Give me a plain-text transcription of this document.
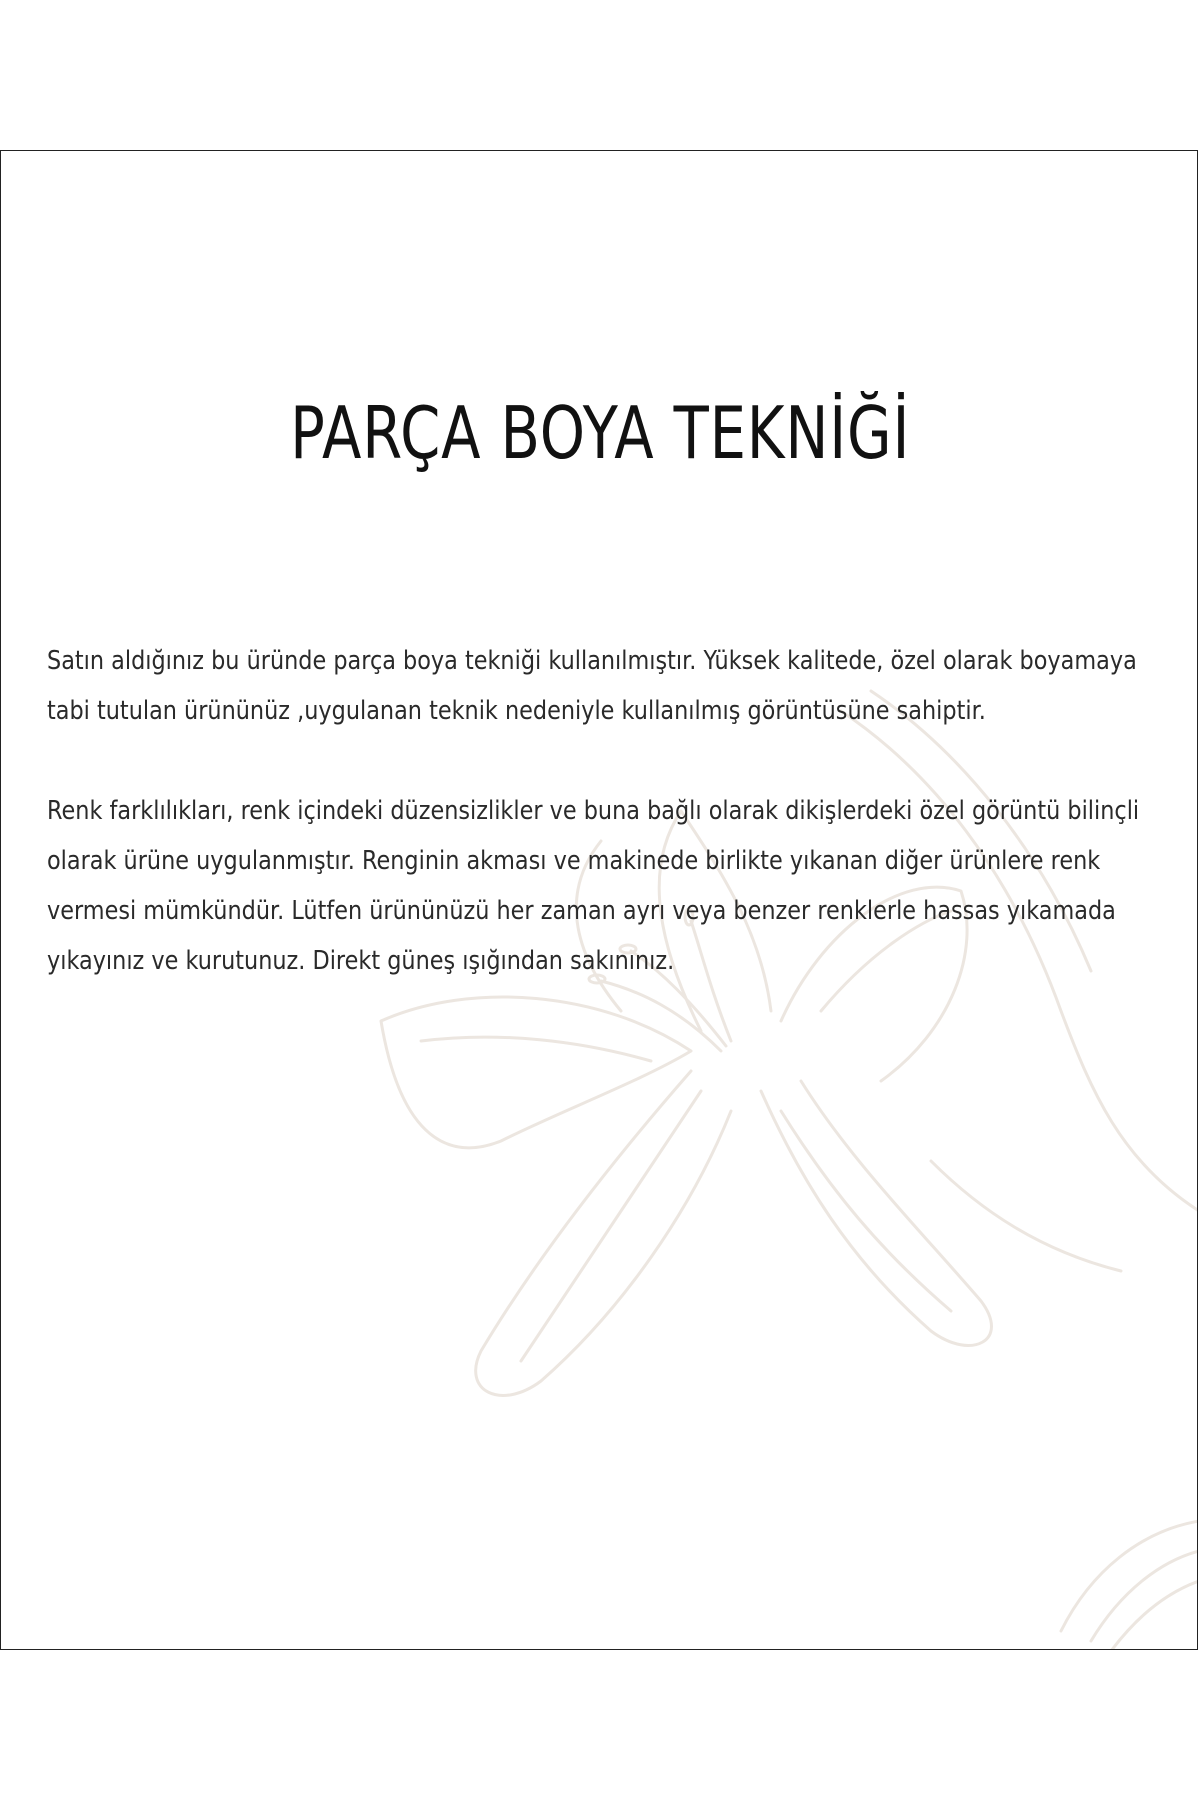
PARÇA BOYA TEKNİĞİ

Satın aldığınız bu üründe parça boya tekniği kullanılmıştır. Yüksek kalitede, özel olarak boyamaya tabi tutulan ürününüz ,uygulanan teknik nedeniyle kullanılmış görüntüsüne sahiptir.

Renk farklılıkları, renk içindeki düzensizlikler ve buna bağlı olarak dikişlerdeki özel görüntü bilinçli olarak ürüne uygulanmıştır. Renginin akması ve makinede birlikte yıkanan diğer ürünlere renk vermesi mümkündür. Lütfen ürününüzü her zaman ayrı veya benzer renklerle hassas yıkamada yıkayınız ve kurutunuz. Direkt güneş ışığından sakınınız.
